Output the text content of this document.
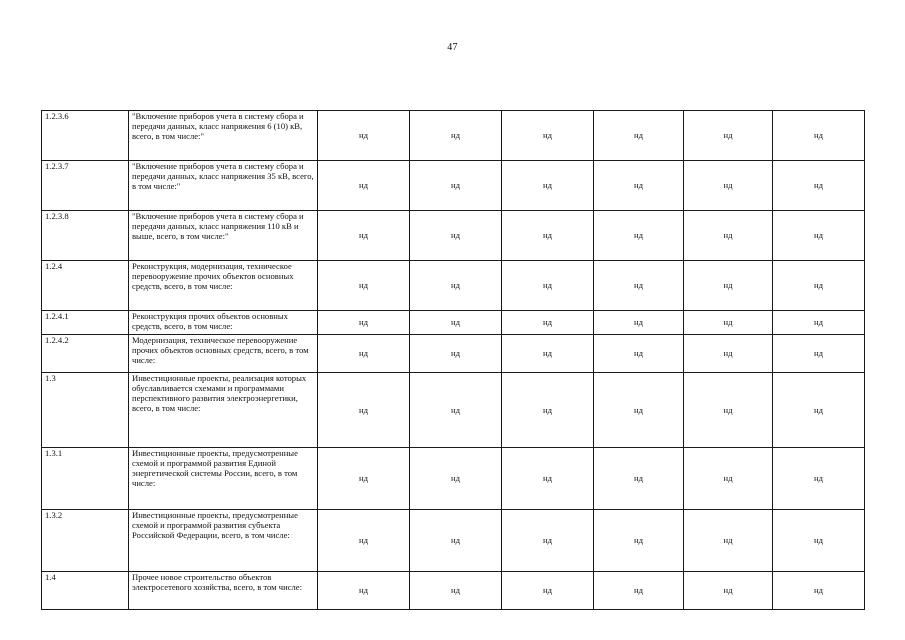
47
1.2.3.6	"Включение приборов учета в систему сбора и передачи данных, класс напряжения 6 (10) кВ, всего, в том числе:"	нд	нд	нд	нд	нд	нд
1.2.3.7	"Включение приборов учета в систему сбора и передачи данных, класс напряжения 35 кВ, всего, в том числе:"	нд	нд	нд	нд	нд	нд
1.2.3.8	"Включение приборов учета в систему сбора и передачи данных, класс напряжения 110 кВ и выше, всего, в том числе:"	нд	нд	нд	нд	нд	нд
1.2.4	Реконструкция, модернизация, техническое перевооружение прочих объектов основных средств, всего, в том числе:	нд	нд	нд	нд	нд	нд
1.2.4.1	Реконструкция прочих объектов основных средств, всего, в том числе:	нд	нд	нд	нд	нд	нд
1.2.4.2	Модернизация, техническое перевооружение прочих объектов основных средств, всего, в том числе:	нд	нд	нд	нд	нд	нд
1.3	Инвестиционные проекты, реализация которых обуславливается схемами и программами перспективного развития электроэнергетики, всего, в том числе:	нд	нд	нд	нд	нд	нд
1.3.1	Инвестиционные проекты, предусмотренные схемой и программой развития Единой энергетической системы России, всего, в том числе:	нд	нд	нд	нд	нд	нд
1.3.2	Инвестиционные проекты, предусмотренные схемой и программой развития субъекта Российской Федерации, всего, в том числе:	нд	нд	нд	нд	нд	нд
1.4	Прочее новое строительство объектов электросетевого хозяйства, всего, в том числе:	нд	нд	нд	нд	нд	нд
